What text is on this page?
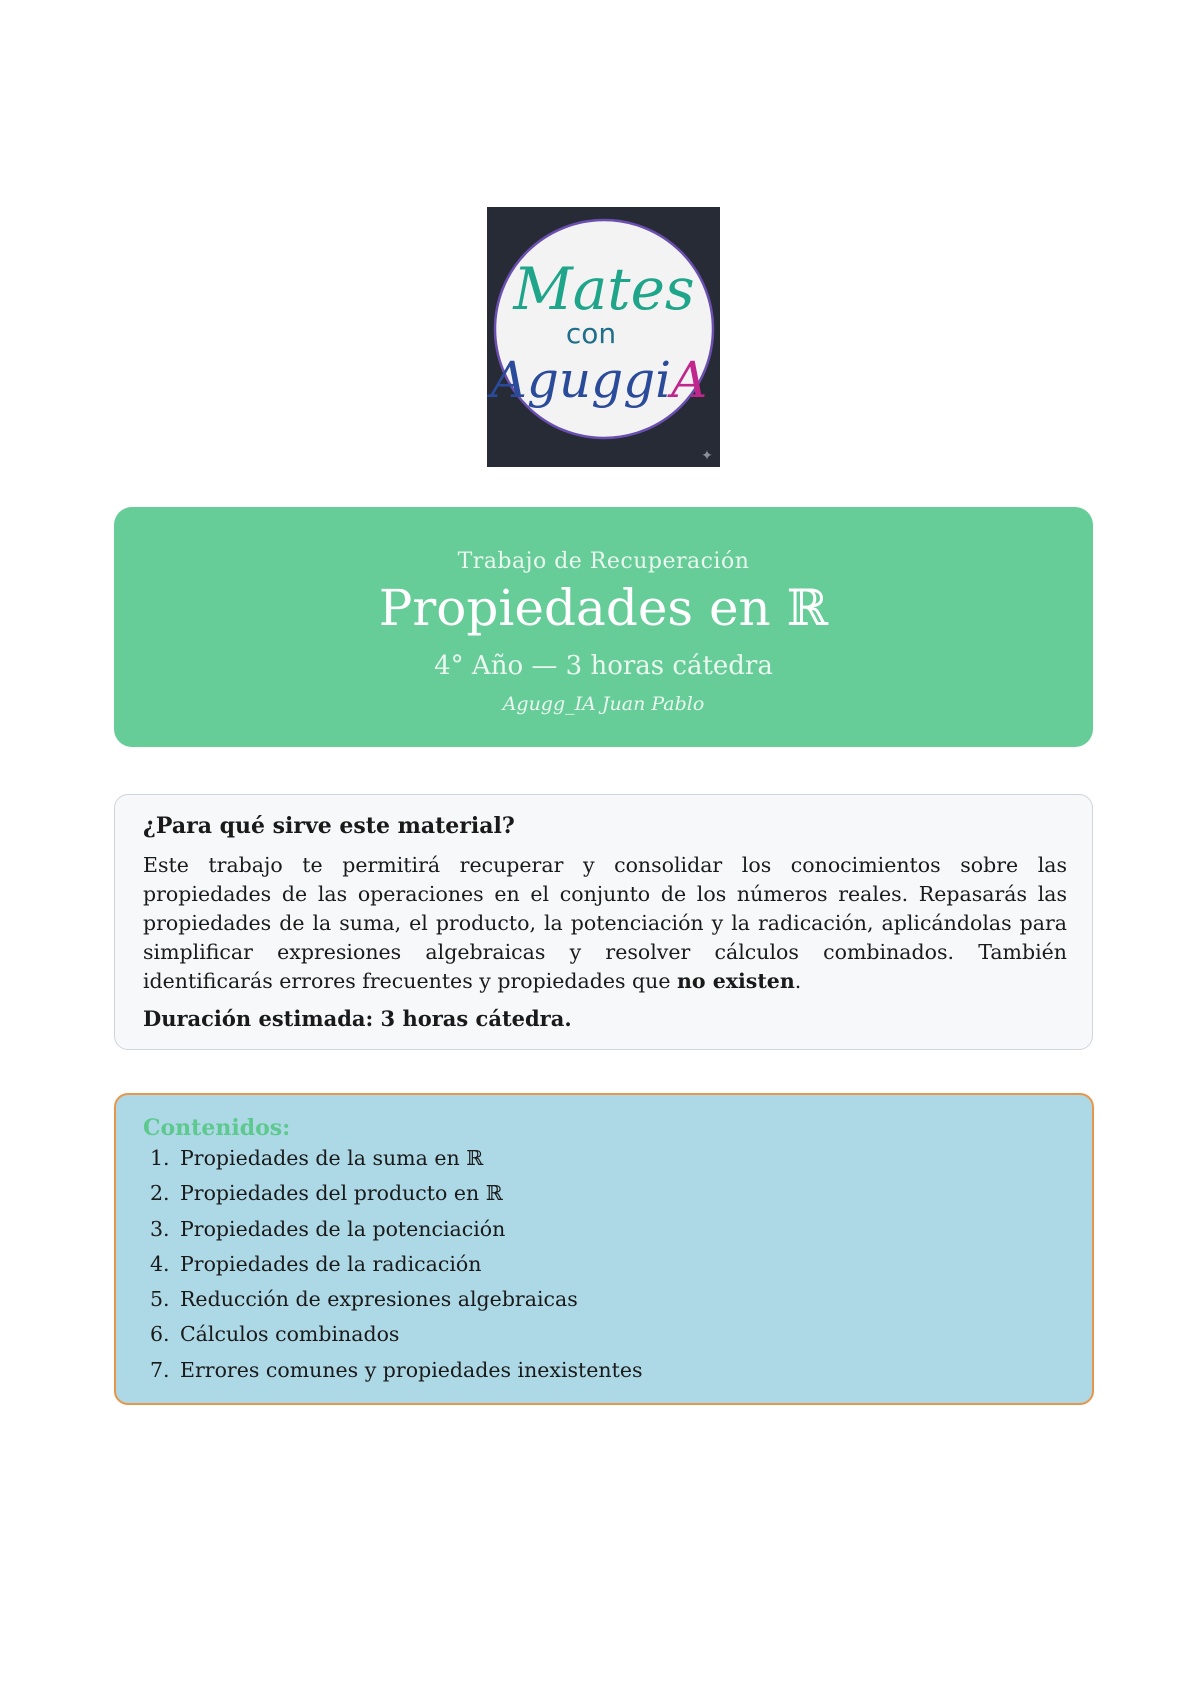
Mates
con
AguggiA
✦
Trabajo de Recuperación
Propiedades en ℝ
4° Año — 3 horas cátedra
Agugg_IA Juan Pablo
¿Para qué sirve este material?
Este trabajo te permitirá recuperar y consolidar los conocimientos sobre las propiedades de las operaciones en el conjunto de los números reales. Repasarás las propiedades de la suma, el producto, la potenciación y la radicación, aplicándolas para simplificar expresiones algebraicas y resolver cálculos combinados. También identificarás errores frecuentes y propiedades que no existen.
Duración estimada: 3 horas cátedra.
Contenidos:
1. Propiedades de la suma en ℝ
2. Propiedades del producto en ℝ
3. Propiedades de la potenciación
4. Propiedades de la radicación
5. Reducción de expresiones algebraicas
6. Cálculos combinados
7. Errores comunes y propiedades inexistentes
